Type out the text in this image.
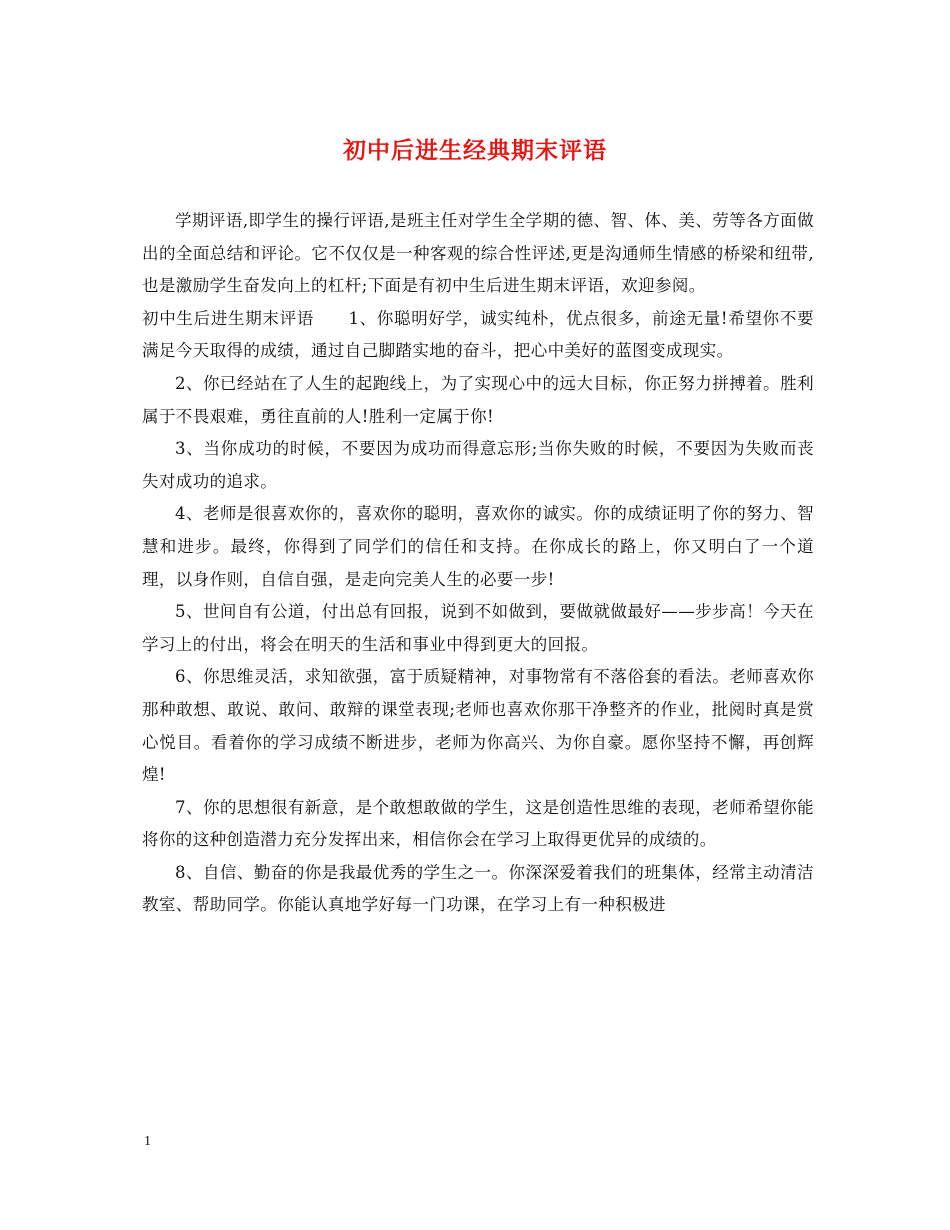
初中后进生经典期末评语

学期评语,即学生的操行评语,是班主任对学生全学期的德、智、体、美、劳等各方面做出的全面总结和评论。它不仅仅是一种客观的综合性评述,更是沟通师生情感的桥梁和纽带,也是激励学生奋发向上的杠杆;下面是有初中生后进生期末评语，欢迎参阅。

初中生后进生期末评语　　1、你聪明好学，诚实纯朴，优点很多，前途无量!希望你不要满足今天取得的成绩，通过自己脚踏实地的奋斗，把心中美好的蓝图变成现实。

2、你已经站在了人生的起跑线上，为了实现心中的远大目标，你正努力拼搏着。胜利属于不畏艰难，勇往直前的人!胜利一定属于你!

3、当你成功的时候，不要因为成功而得意忘形;当你失败的时候，不要因为失败而丧失对成功的追求。

4、老师是很喜欢你的，喜欢你的聪明，喜欢你的诚实。你的成绩证明了你的努力、智慧和进步。最终，你得到了同学们的信任和支持。在你成长的路上，你又明白了一个道理，以身作则，自信自强，是走向完美人生的必要一步!

5、世间自有公道，付出总有回报，说到不如做到，要做就做最好——步步高！今天在学习上的付出，将会在明天的生活和事业中得到更大的回报。

6、你思维灵活，求知欲强，富于质疑精神，对事物常有不落俗套的看法。老师喜欢你那种敢想、敢说、敢问、敢辩的课堂表现;老师也喜欢你那干净整齐的作业，批阅时真是赏心悦目。看着你的学习成绩不断进步，老师为你高兴、为你自豪。愿你坚持不懈，再创辉煌!

7、你的思想很有新意，是个敢想敢做的学生，这是创造性思维的表现，老师希望你能将你的这种创造潜力充分发挥出来，相信你会在学习上取得更优异的成绩的。

8、自信、勤奋的你是我最优秀的学生之一。你深深爱着我们的班集体，经常主动清洁教室、帮助同学。你能认真地学好每一门功课，在学习上有一种积极进

1
